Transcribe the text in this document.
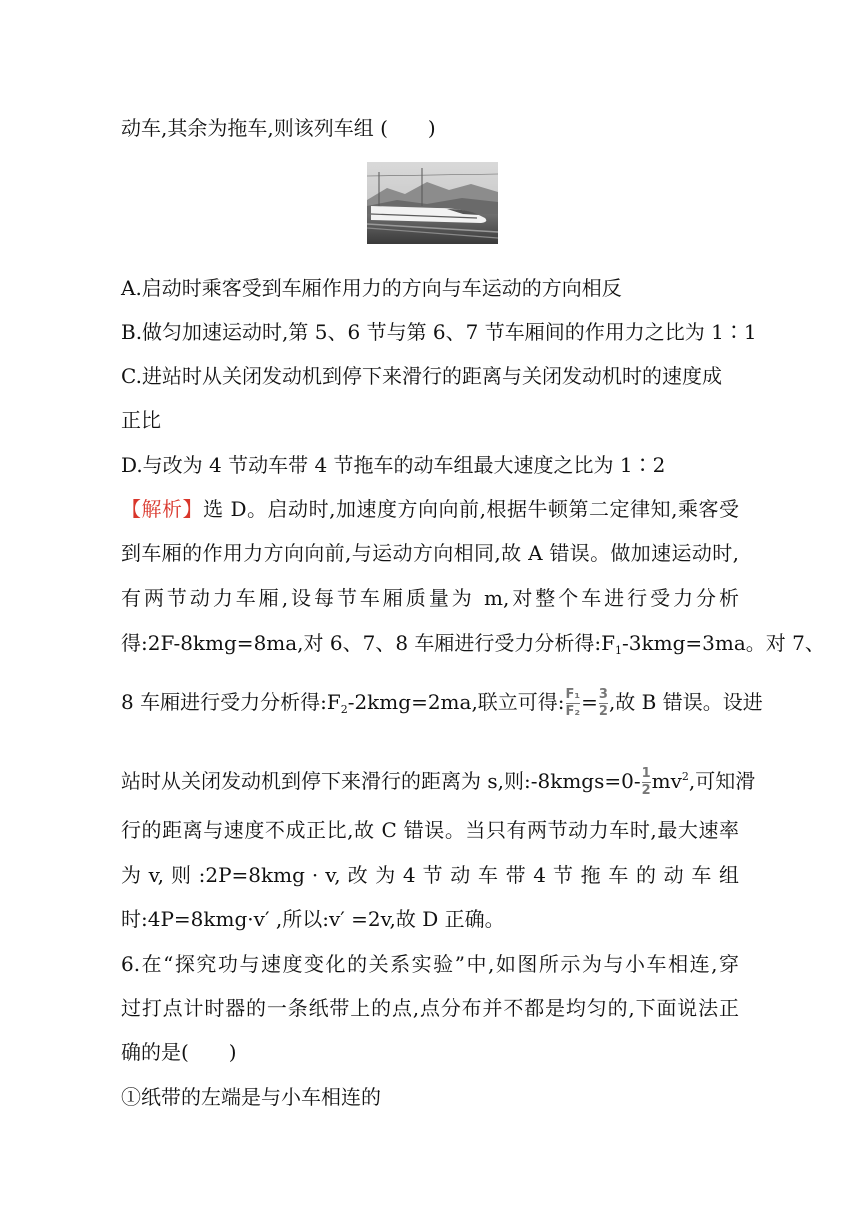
动车,其余为拖车,则该列车组 (　　)
A.启动时乘客受到车厢作用力的方向与车运动的方向相反
B.做匀加速运动时,第 5、6 节与第 6、7 节车厢间的作用力之比为 1∶1
C.进站时从关闭发动机到停下来滑行的距离与关闭发动机时的速度成
正比
D.与改为 4 节动车带 4 节拖车的动车组最大速度之比为 1∶2
【解析】选 D。启动时,加速度方向向前,根据牛顿第二定律知,乘客受
到车厢的作用力方向向前,与运动方向相同,故 A 错误。做加速运动时,
有两节动力车厢,设每节车厢质量为 m,对整个车进行受力分析
得:2F-8kmg=8ma,对 6、7、8 车厢进行受力分析得$:F_1-3kmg=3ma$。对 7、
8 车厢进行受力分析得$:F_2-2kmg=2ma$,联立可得: $\frac{\text{F₁}}{\text{F₂}} = \frac{3}{2}$ ,故 B 错误。设进
站时从关闭发动机到停下来滑行的距离为 s,则:-8kmgs=0- $\frac{1}{2} mv^2$,可知滑
行的距离与速度不成正比,故 C 错误。当只有两节动力车时,最大速率
为 v, 则 :2P=8kmg · v, 改 为 4 节 动 车 带 4 节 拖 车 的 动 车 组
时:4P=8kmg·v′ ,所以:v′ =2v,故 D 正确。
6.在“探究功与速度变化的关系实验”中,如图所示为与小车相连,穿
过打点计时器的一条纸带上的点,点分布并不都是均匀的,下面说法正
确的是(　　)
①纸带的左端是与小车相连的
